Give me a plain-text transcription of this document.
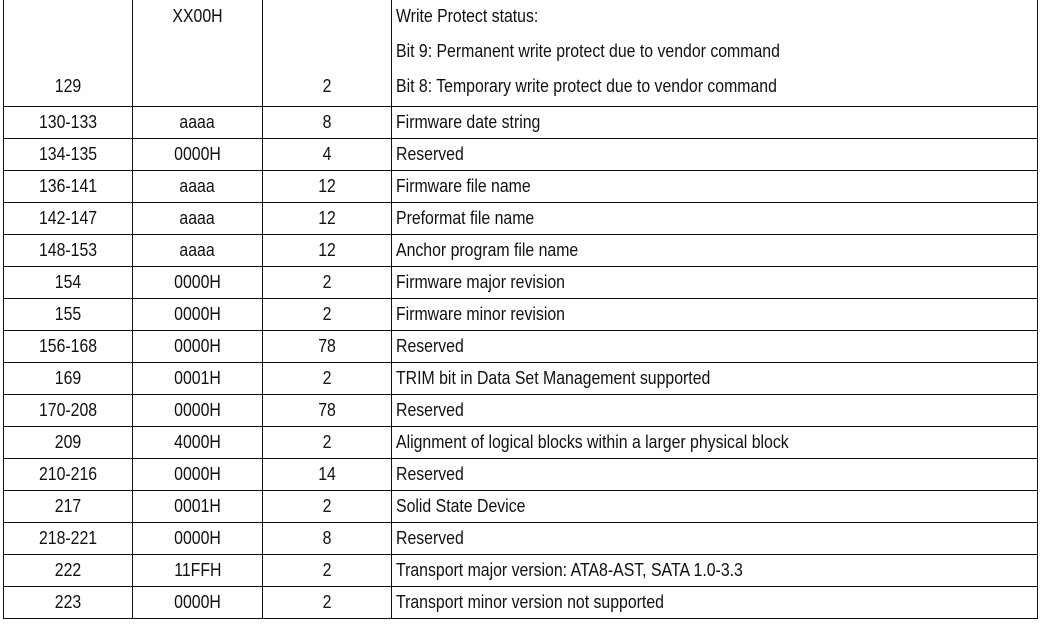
129	XX00H	2	Write Protect status:
Bit 9: Permanent write protect due to vendor command
Bit 8: Temporary write protect due to vendor command

130-133	aaaa	8	Firmware date string
134-135	0000H	4	Reserved
136-141	aaaa	12	Firmware file name
142-147	aaaa	12	Preformat file name
148-153	aaaa	12	Anchor program file name
154	0000H	2	Firmware major revision
155	0000H	2	Firmware minor revision
156-168	0000H	78	Reserved
169	0001H	2	TRIM bit in Data Set Management supported
170-208	0000H	78	Reserved
209	4000H	2	Alignment of logical blocks within a larger physical block
210-216	0000H	14	Reserved
217	0001H	2	Solid State Device
218-221	0000H	8	Reserved
222	11FFH	2	Transport major version: ATA8-AST, SATA 1.0-3.3
223	0000H	2	Transport minor version not supported
